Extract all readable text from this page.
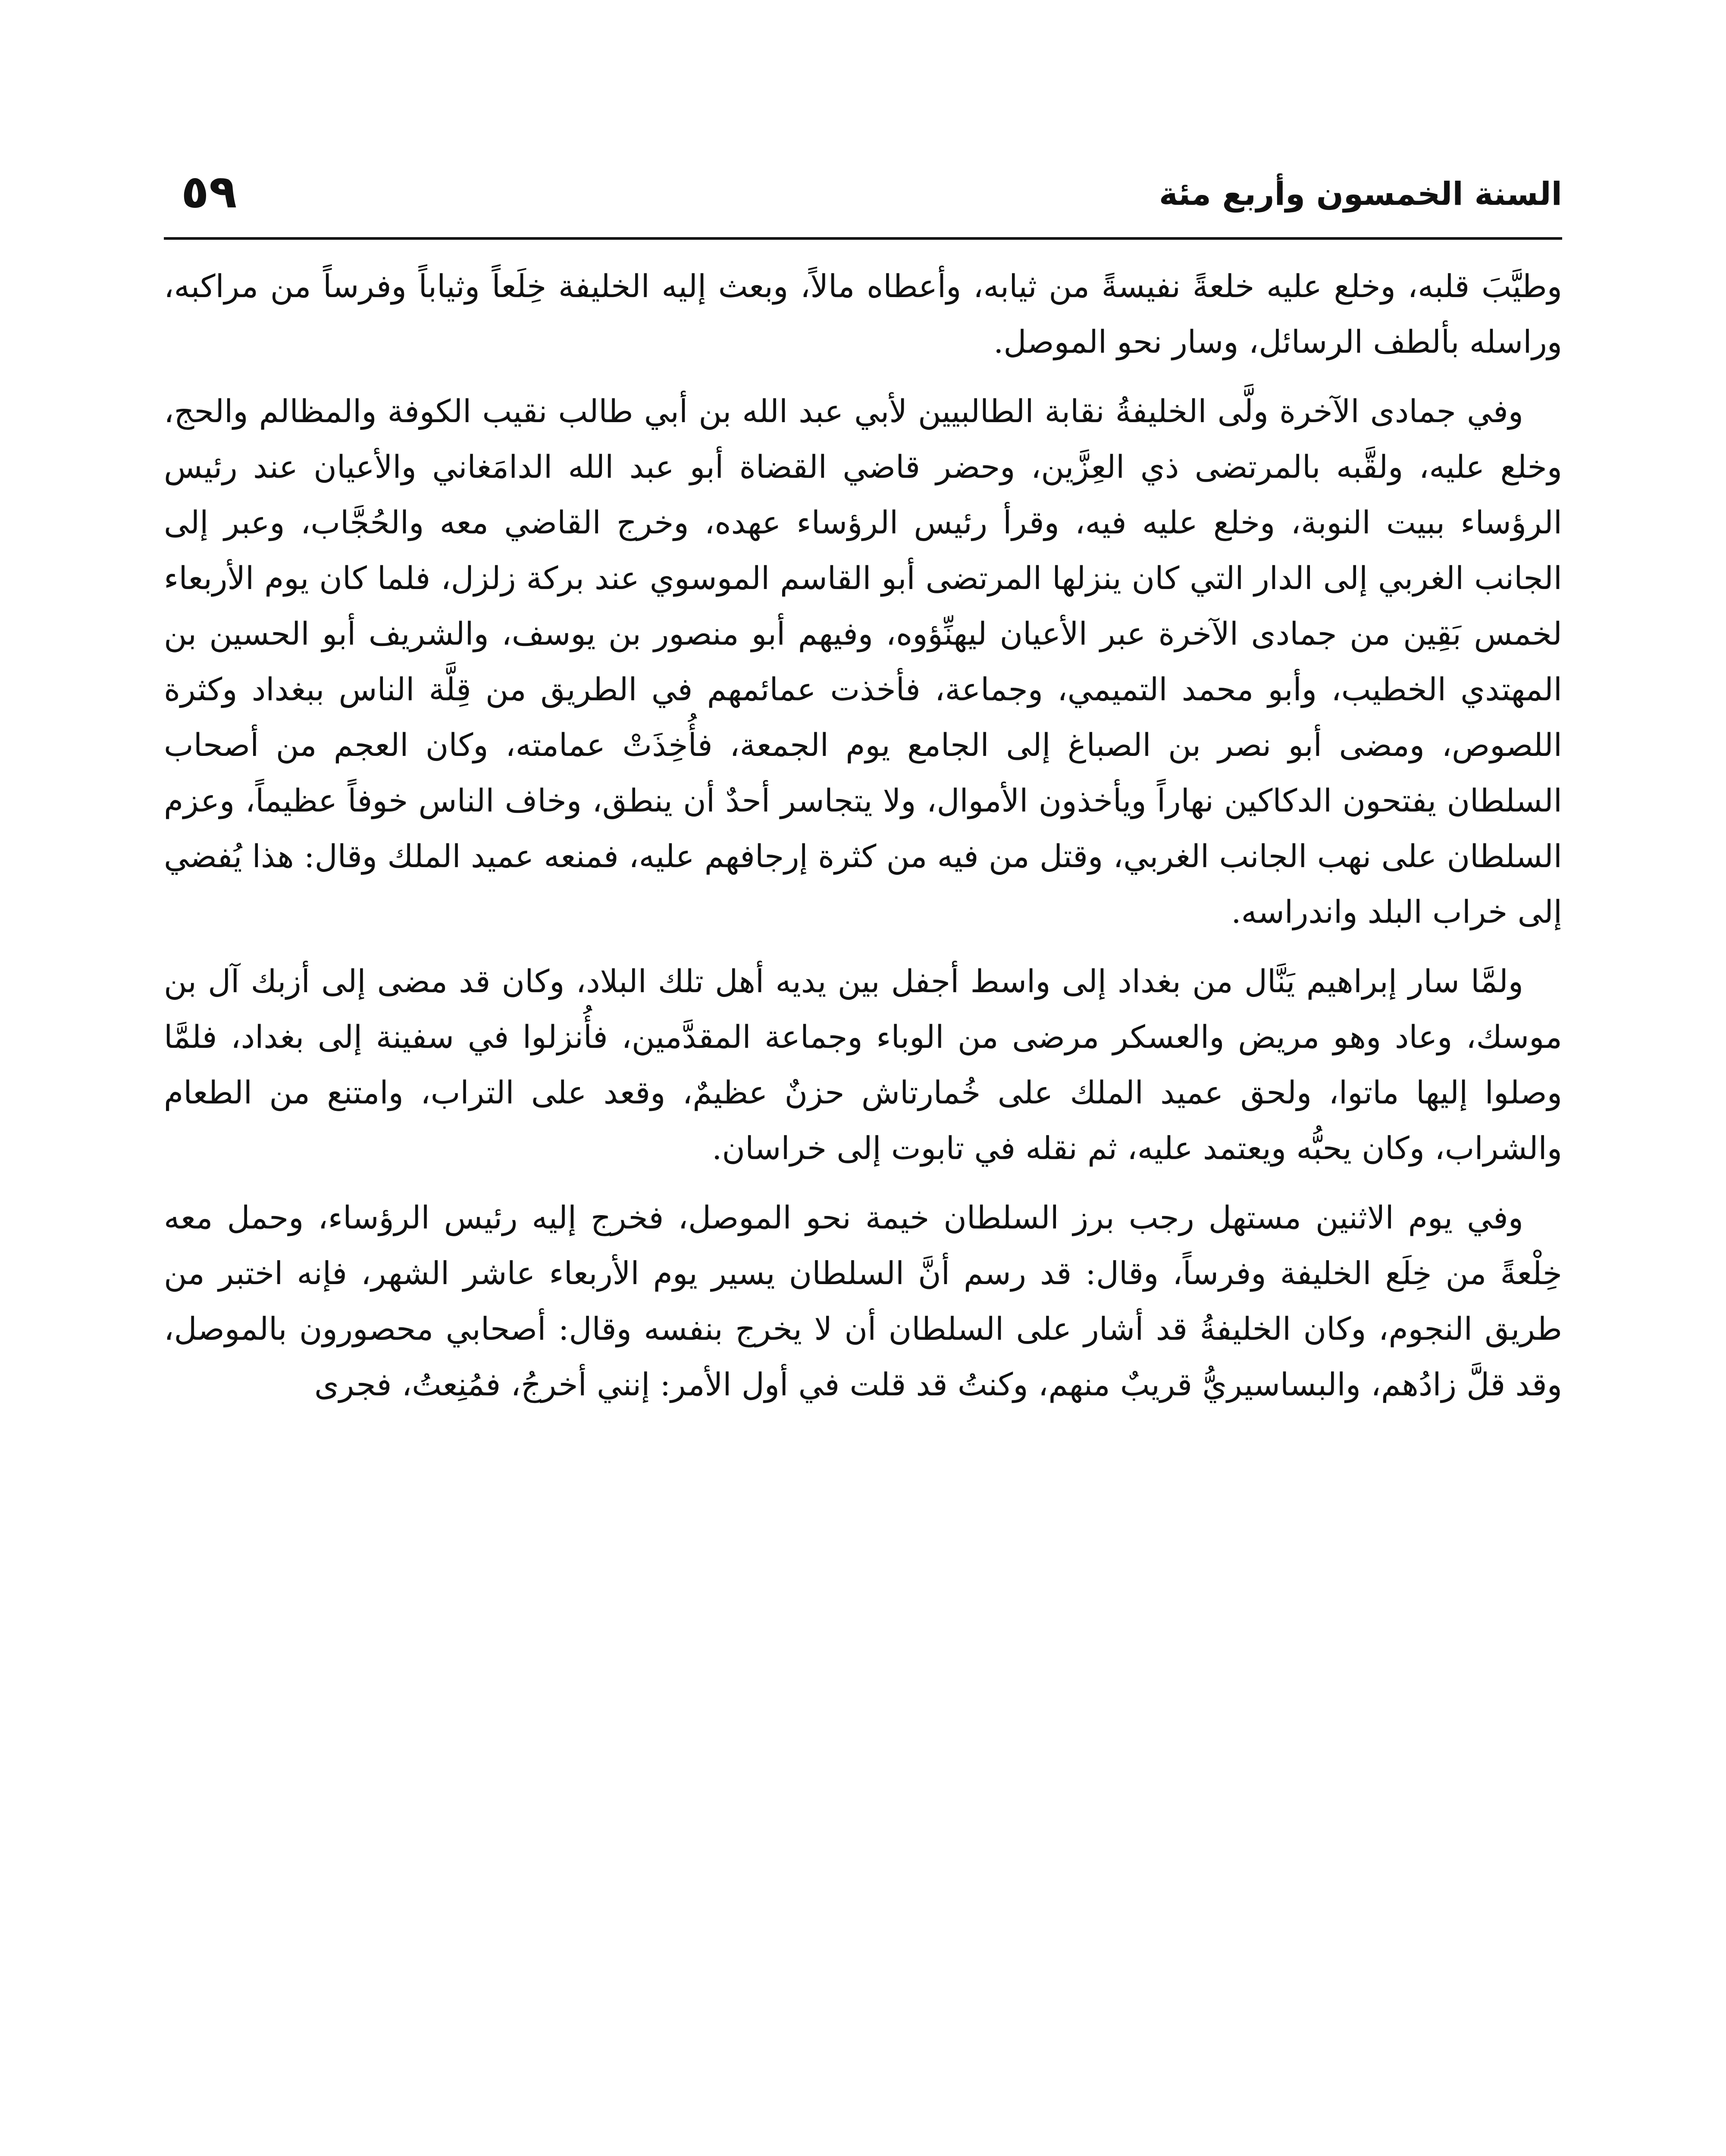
السنة الخمسون وأربع مئة
٥٩

وطيَّبَ قلبه، وخلع عليه خلعةً نفيسةً من ثيابه، وأعطاه مالاً، وبعث إليه الخليفة خِلَعاً وثياباً وفرساً من مراكبه، وراسله بألطف الرسائل، وسار نحو الموصل.

وفي جمادى الآخرة ولَّى الخليفةُ نقابة الطالبيين لأبي عبد الله بن أبي طالب نقيب الكوفة والمظالم والحج، وخلع عليه، ولقَّبه بالمرتضى ذي العِزَّين، وحضر قاضي القضاة أبو عبد الله الدامَغاني والأعيان عند رئيس الرؤساء ببيت النوبة، وخلع عليه فيه، وقرأ رئيس الرؤساء عهده، وخرج القاضي معه والحُجَّاب، وعبر إلى الجانب الغربي إلى الدار التي كان ينزلها المرتضى أبو القاسم الموسوي عند بركة زلزل، فلما كان يوم الأربعاء لخمس بَقِين من جمادى الآخرة عبر الأعيان ليهنِّؤوه، وفيهم أبو منصور بن يوسف، والشريف أبو الحسين بن المهتدي الخطيب، وأبو محمد التميمي، وجماعة، فأخذت عمائمهم في الطريق من قِلَّة الناس ببغداد وكثرة اللصوص، ومضى أبو نصر بن الصباغ إلى الجامع يوم الجمعة، فأُخِذَتْ عمامته، وكان العجم من أصحاب السلطان يفتحون الدكاكين نهاراً ويأخذون الأموال، ولا يتجاسر أحدٌ أن ينطق، وخاف الناس خوفاً عظيماً، وعزم السلطان على نهب الجانب الغربي، وقتل من فيه من كثرة إرجافهم عليه، فمنعه عميد الملك وقال: هذا يُفضي إلى خراب البلد واندراسه.

ولمَّا سار إبراهيم يَنَّال من بغداد إلى واسط أجفل بين يديه أهل تلك البلاد، وكان قد مضى إلى أزبك آل بن موسك، وعاد وهو مريض والعسكر مرضى من الوباء وجماعة المقدَّمين، فأُنزلوا في سفينة إلى بغداد، فلمَّا وصلوا إليها ماتوا، ولحق عميد الملك على خُمارتاش حزنٌ عظيمٌ، وقعد على التراب، وامتنع من الطعام والشراب، وكان يحبُّه ويعتمد عليه، ثم نقله في تابوت إلى خراسان.

وفي يوم الاثنين مستهل رجب برز السلطان خيمة نحو الموصل، فخرج إليه رئيس الرؤساء، وحمل معه خِلْعةً من خِلَع الخليفة وفرساً، وقال: قد رسم أنَّ السلطان يسير يوم الأربعاء عاشر الشهر، فإنه اختبر من طريق النجوم، وكان الخليفةُ قد أشار على السلطان أن لا يخرج بنفسه وقال: أصحابي محصورون بالموصل، وقد قلَّ زادُهم، والبساسيريُّ قريبٌ منهم، وكنتُ قد قلت في أول الأمر: إنني أخرجُ، فمُنِعتُ، فجرى
